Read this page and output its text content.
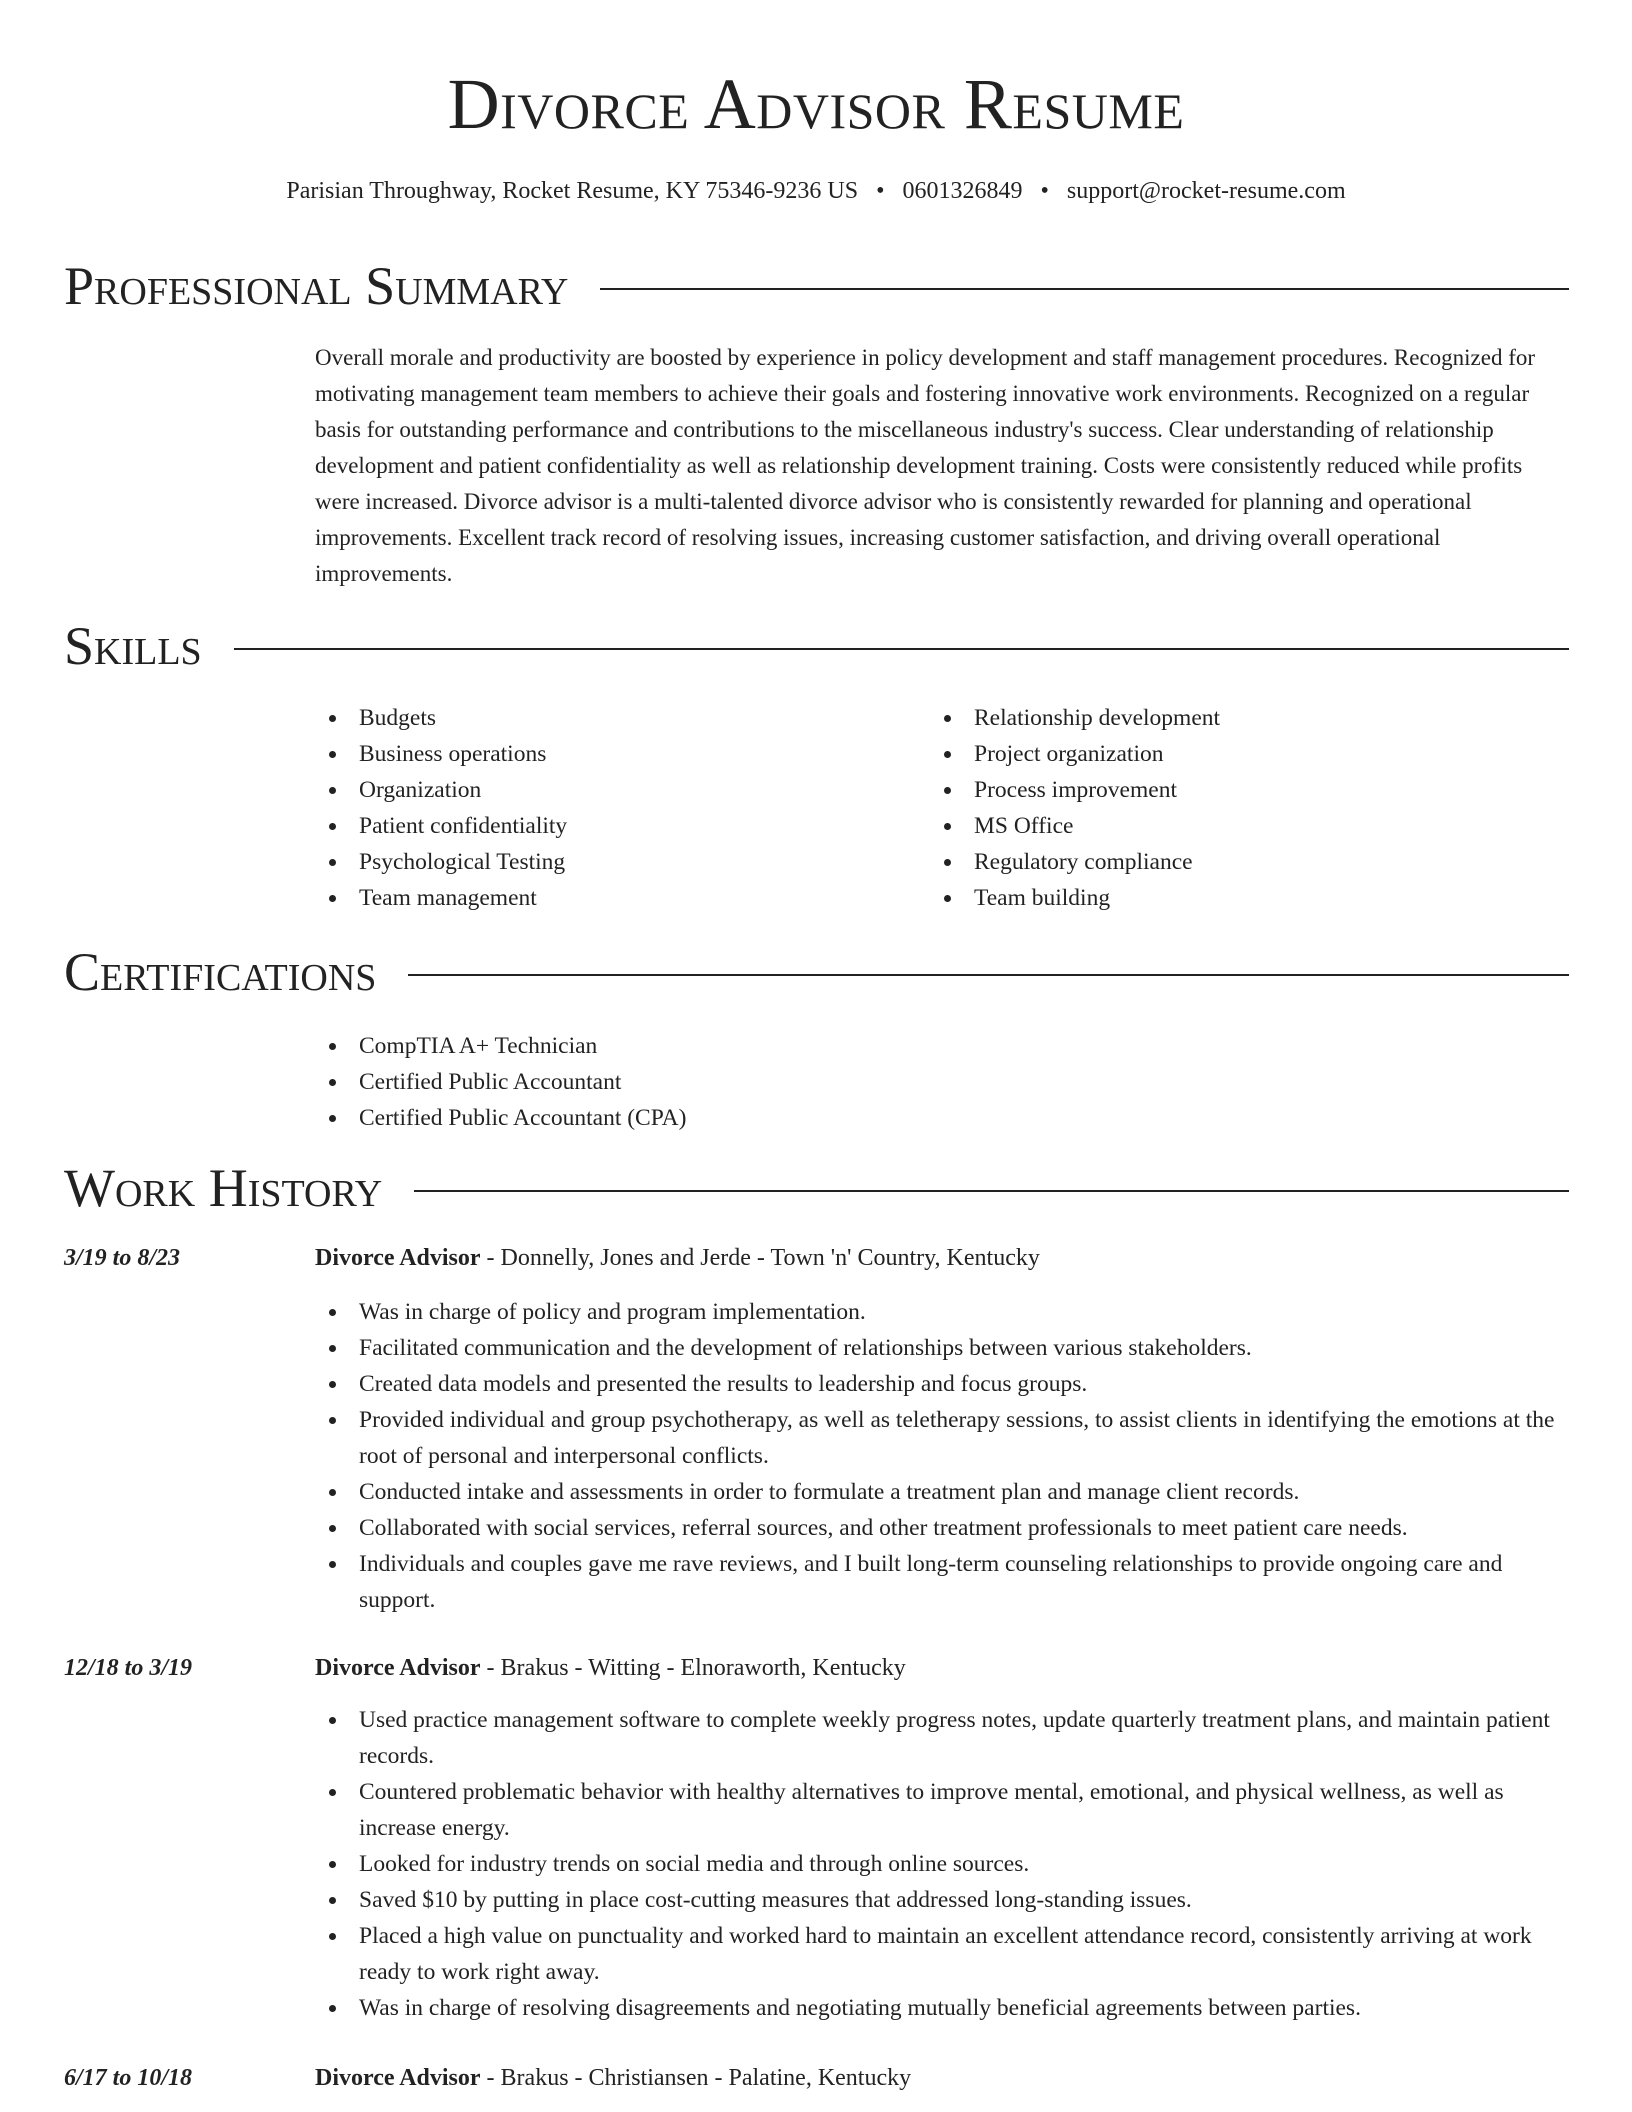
Divorce Advisor Resume
Parisian Throughway, Rocket Resume, KY 75346-9236 US • 0601326849 • support@rocket-resume.com
Professional Summary

Overall morale and productivity are boosted by experience in policy development and staff management procedures. Recognized for motivating management team members to achieve their goals and fostering innovative work environments. Recognized on a regular basis for outstanding performance and contributions to the miscellaneous industry's success. Clear understanding of relationship development and patient confidentiality as well as relationship development training. Costs were consistently reduced while profits were increased. Divorce advisor is a multi-talented divorce advisor who is consistently rewarded for planning and operational improvements. Excellent track record of resolving issues, increasing customer satisfaction, and driving overall operational improvements.

Skills
Budgets
Business operations
Organization
Patient confidentiality
Psychological Testing
Team management
Relationship development
Project organization
Process improvement
MS Office
Regulatory compliance
Team building
Certifications
CompTIA A+ Technician
Certified Public Accountant
Certified Public Accountant (CPA)
Work History
3/19 to 8/23	Divorce Advisor - Donnelly, Jones and Jerde - Town 'n' Country, Kentucky
Was in charge of policy and program implementation.
Facilitated communication and the development of relationships between various stakeholders.
Created data models and presented the results to leadership and focus groups.
Provided individual and group psychotherapy, as well as teletherapy sessions, to assist clients in identifying the emotions at the root of personal and interpersonal conflicts.
Conducted intake and assessments in order to formulate a treatment plan and manage client records.
Collaborated with social services, referral sources, and other treatment professionals to meet patient care needs.
Individuals and couples gave me rave reviews, and I built long-term counseling relationships to provide ongoing care and support.
12/18 to 3/19	Divorce Advisor - Brakus - Witting - Elnoraworth, Kentucky
Used practice management software to complete weekly progress notes, update quarterly treatment plans, and maintain patient records.
Countered problematic behavior with healthy alternatives to improve mental, emotional, and physical wellness, as well as increase energy.
Looked for industry trends on social media and through online sources.
Saved $10 by putting in place cost-cutting measures that addressed long-standing issues.
Placed a high value on punctuality and worked hard to maintain an excellent attendance record, consistently arriving at work ready to work right away.
Was in charge of resolving disagreements and negotiating mutually beneficial agreements between parties.
6/17 to 10/18	Divorce Advisor - Brakus - Christiansen - Palatine, Kentucky
